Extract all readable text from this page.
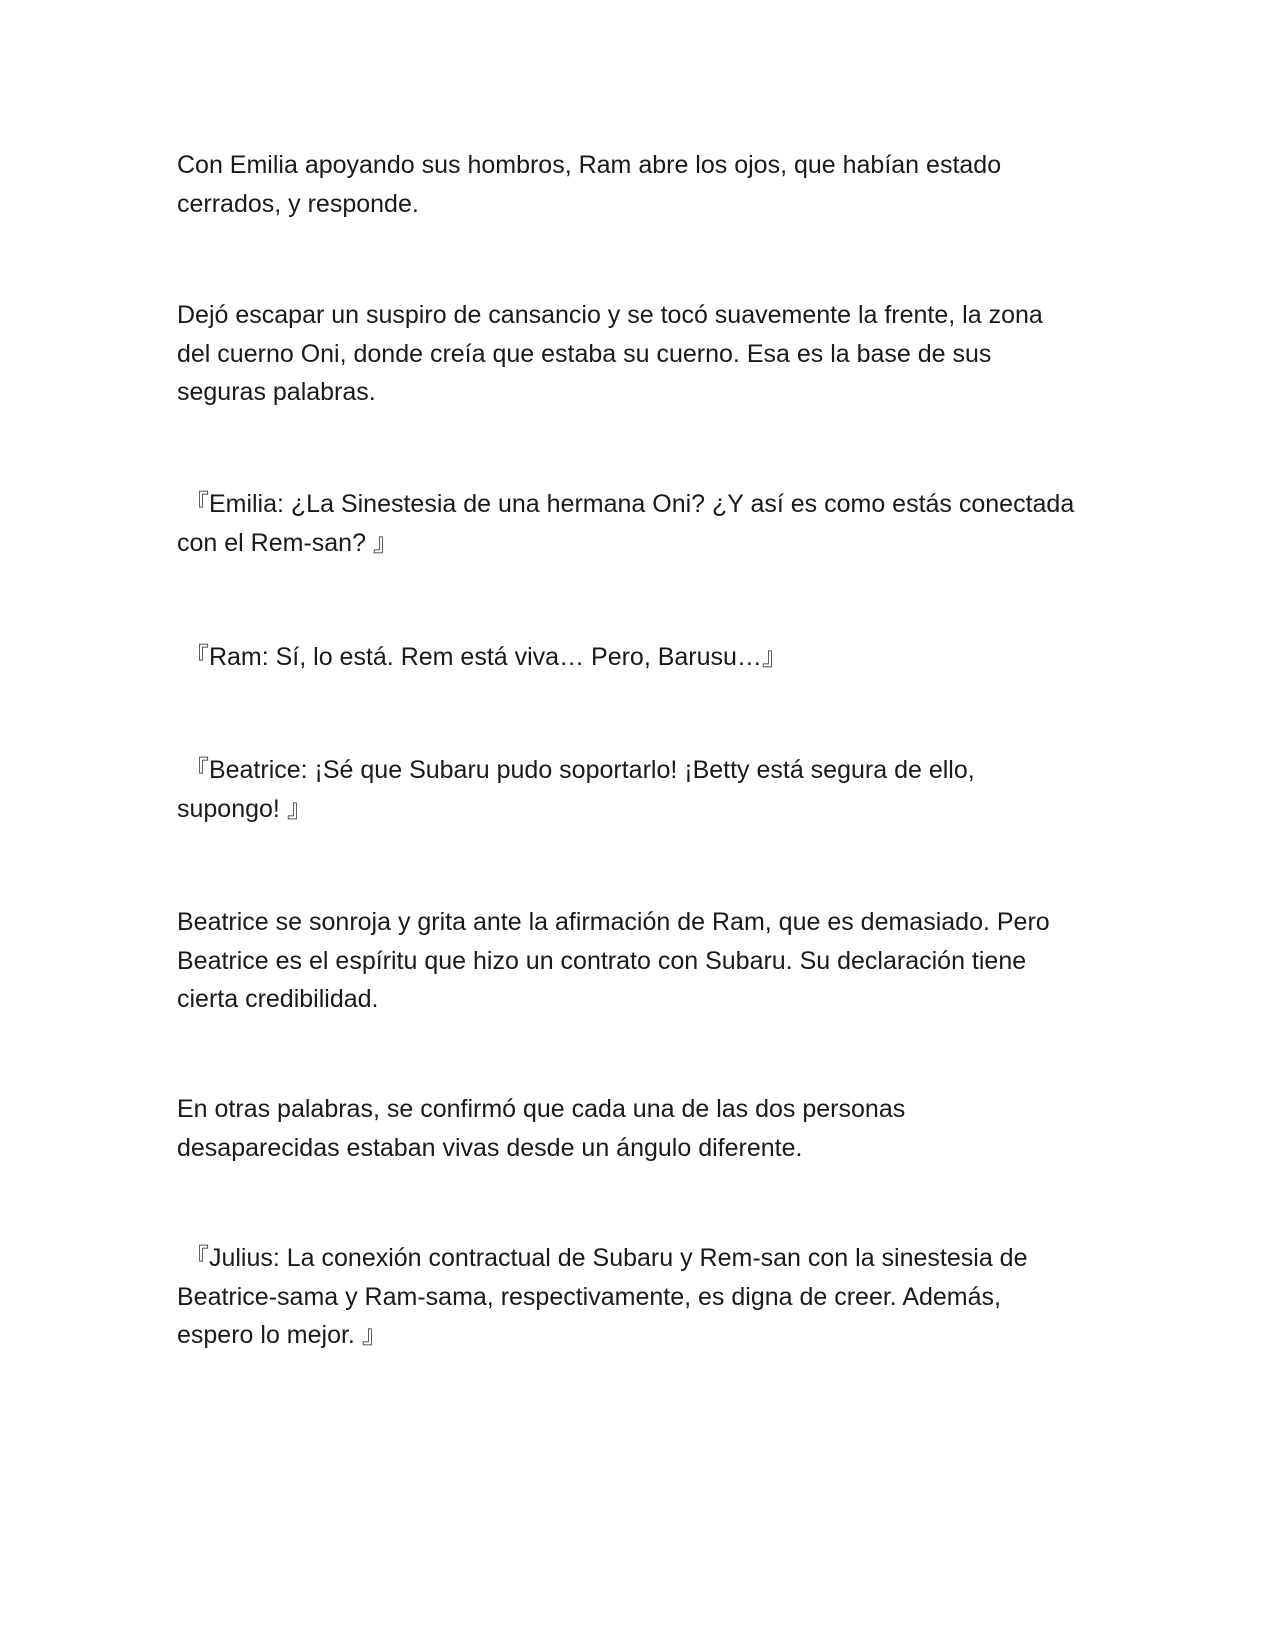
Con Emilia apoyando sus hombros, Ram abre los ojos, que habían estado
cerrados, y responde.

Dejó escapar un suspiro de cansancio y se tocó suavemente la frente, la zona
del cuerno Oni, donde creía que estaba su cuerno. Esa es la base de sus
seguras palabras.

『Emilia: ¿La Sinestesia de una hermana Oni? ¿Y así es como estás conectada
con el Rem-san? 』

『Ram: Sí, lo está. Rem está viva… Pero, Barusu…』

『Beatrice: ¡Sé que Subaru pudo soportarlo! ¡Betty está segura de ello,
supongo! 』

Beatrice se sonroja y grita ante la afirmación de Ram, que es demasiado. Pero
Beatrice es el espíritu que hizo un contrato con Subaru. Su declaración tiene
cierta credibilidad.

En otras palabras, se confirmó que cada una de las dos personas
desaparecidas estaban vivas desde un ángulo diferente.

『Julius: La conexión contractual de Subaru y Rem-san con la sinestesia de
Beatrice-sama y Ram-sama, respectivamente, es digna de creer. Además,
espero lo mejor. 』
